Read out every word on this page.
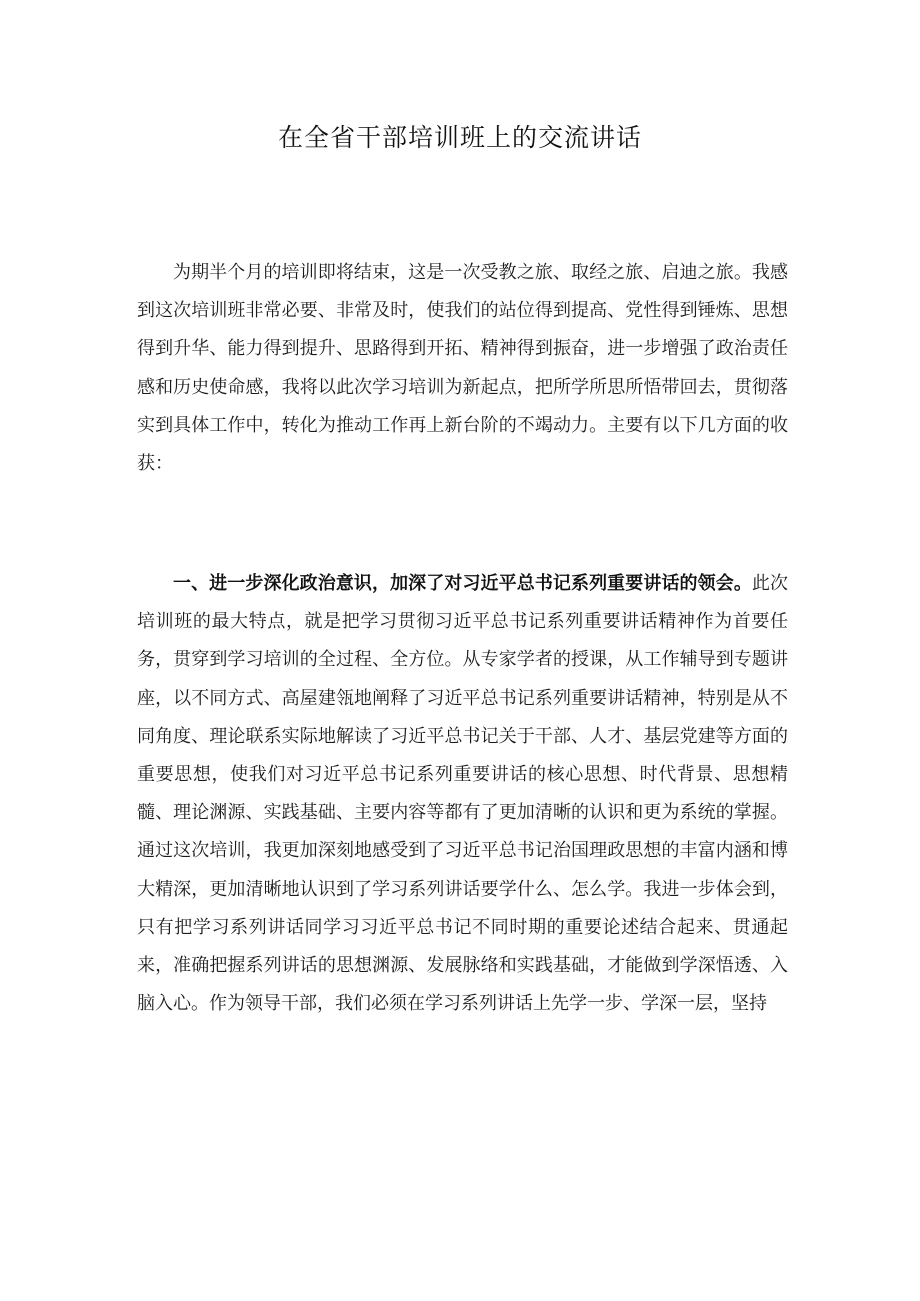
在全省干部培训班上的交流讲话

为期半个月的培训即将结束，这是一次受教之旅、取经之旅、启迪之旅。我感到这次培训班非常必要、非常及时，使我们的站位得到提高、党性得到锤炼、思想得到升华、能力得到提升、思路得到开拓、精神得到振奋，进一步增强了政治责任感和历史使命感，我将以此次学习培训为新起点，把所学所思所悟带回去，贯彻落实到具体工作中，转化为推动工作再上新台阶的不竭动力。主要有以下几方面的收获：

一、进一步深化政治意识，加深了对习近平总书记系列重要讲话的领会。此次培训班的最大特点，就是把学习贯彻习近平总书记系列重要讲话精神作为首要任务，贯穿到学习培训的全过程、全方位。从专家学者的授课，从工作辅导到专题讲座，以不同方式、高屋建瓴地阐释了习近平总书记系列重要讲话精神，特别是从不同角度、理论联系实际地解读了习近平总书记关于干部、人才、基层党建等方面的重要思想，使我们对习近平总书记系列重要讲话的核心思想、时代背景、思想精髓、理论渊源、实践基础、主要内容等都有了更加清晰的认识和更为系统的掌握。通过这次培训，我更加深刻地感受到了习近平总书记治国理政思想的丰富内涵和博大精深，更加清晰地认识到了学习系列讲话要学什么、怎么学。我进一步体会到，只有把学习系列讲话同学习习近平总书记不同时期的重要论述结合起来、贯通起来，准确把握系列讲话的思想渊源、发展脉络和实践基础，才能做到学深悟透、入脑入心。作为领导干部，我们必须在学习系列讲话上先学一步、学深一层，坚持
